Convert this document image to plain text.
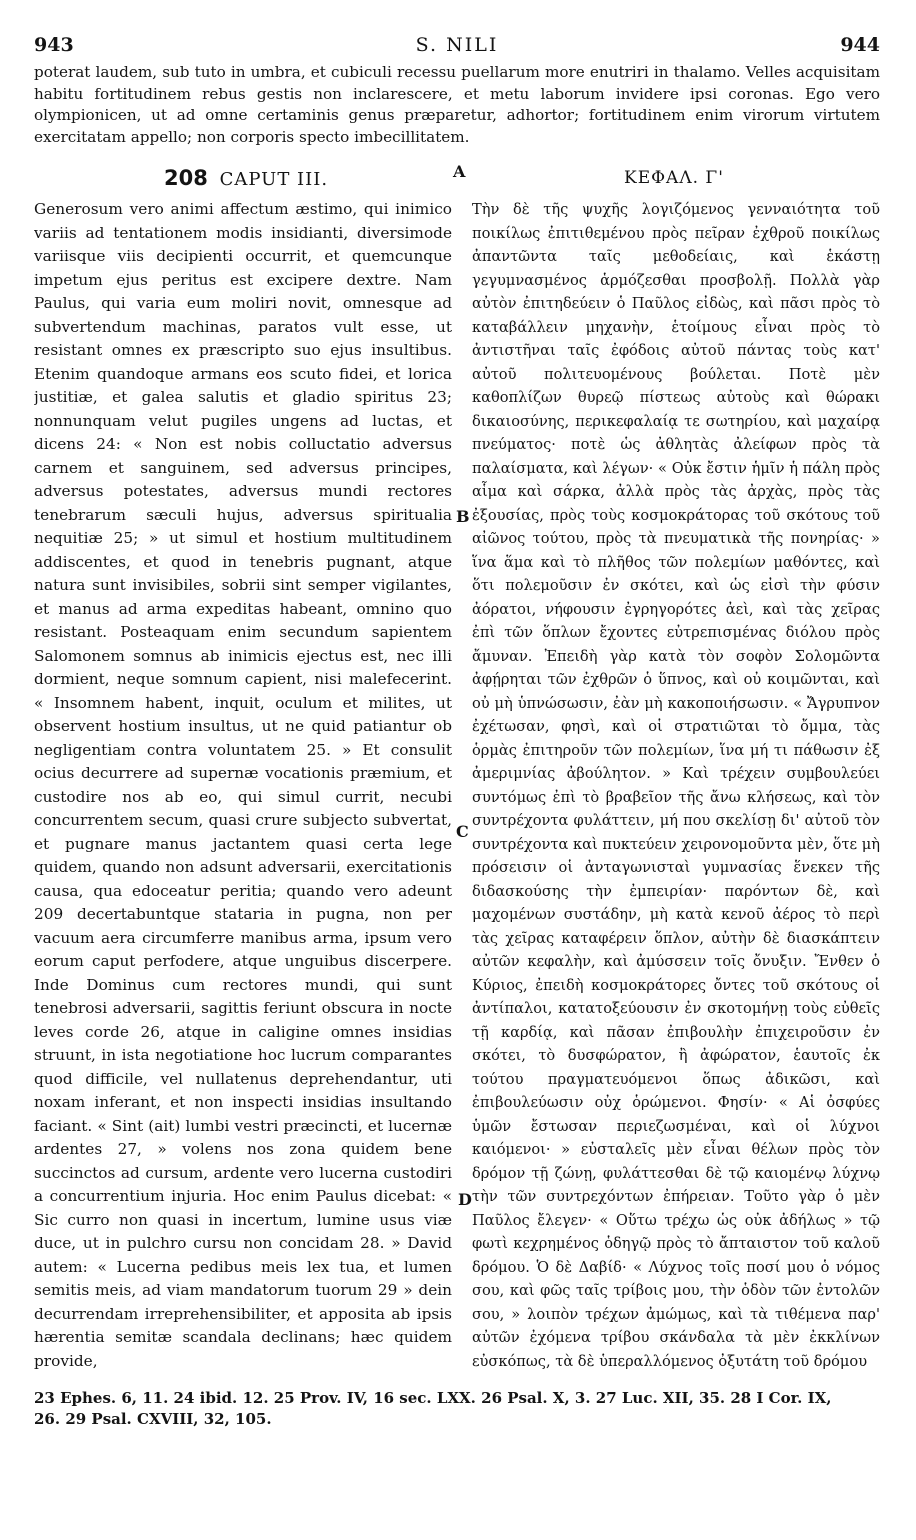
943	S. NILI	944

poterat laudem, sub tuto in umbra, et cubiculi recessu puellarum more enutriri in thalamo. Velles acquisitam habitu fortitudinem rebus gestis non inclarescere, et metu laborum invidere ipsi coronas. Ego vero olympionicen, ut ad omne certaminis genus præparetur, adhortor; fortitudinem enim virorum virtutem exercitatam appello; non corporis specto imbecillitatem.

208 CAPUT III.	A	ΚΕΦΑΛ. Γ'

Generosum vero animi affectum æstimo, qui inimico variis ad tentationem modis insidianti, diversimode variisque viis decipienti occurrit, et quemcunque impetum ejus peritus est excipere dextre. Nam Paulus, qui varia eum moliri novit, omnesque ad subvertendum machinas, paratos vult esse, ut resistant omnes ex præscripto suo ejus insultibus. Etenim quandoque armans eos scuto fidei, et lorica justitiæ, et galea salutis et gladio spiritus 23; nonnunquam velut pugiles ungens ad luctas, et dicens 24: « Non est nobis colluctatio adversus carnem et sanguinem, sed adversus principes, adversus potestates, adversus mundi rectores tenebrarum sæculi hujus, adversus spiritualia nequitiæ 25; » ut simul et hostium multitudinem addiscentes, et quod in tenebris pugnant, atque natura sunt invisibiles, sobrii sint semper vigilantes, et manus ad arma expeditas habeant, omnino quo resistant. Posteaquam enim secundum sapientem Salomonem somnus ab inimicis ejectus est, nec illi dormient, neque somnum capient, nisi malefecerint. « Insomnem habent, inquit, oculum et milites, ut observent hostium insultus, ut ne quid patiantur ob negligentiam contra voluntatem 25. » Et consulit ocius decurrere ad supernæ vocationis præmium, et custodire nos ab eo, qui simul currit, necubi concurrentem secum, quasi crure subjecto subvertat, et pugnare manus jactantem quasi certa lege quidem, quando non adsunt adversarii, exercitationis causa, qua edoceatur peritia; quando vero adeunt 209 decertabuntque stataria in pugna, non per vacuum aera circumferre manibus arma, ipsum vero eorum caput perfodere, atque unguibus discerpere. Inde Dominus cum rectores mundi, qui sunt tenebrosi adversarii, sagittis feriunt obscura in nocte leves corde 26, atque in caligine omnes insidias struunt, in ista negotiatione hoc lucrum comparantes quod difficile, vel nullatenus deprehendantur, uti noxam inferant, et non inspecti insidias insultando faciant. « Sint (ait) lumbi vestri præcincti, et lucernæ ardentes 27, » volens nos zona quidem bene succinctos ad cursum, ardente vero lucerna custodiri a concurrentium injuria. Hoc enim Paulus dicebat: « Sic curro non quasi in incertum, lumine usus viæ duce, ut in pulchro cursu non concidam 28. » David autem: « Lucerna pedibus meis lex tua, et lumen semitis meis, ad viam mandatorum tuorum 29 » dein decurrendam irreprehensibiliter, et apposita ab ipsis hærentia semitæ scandala declinans; hæc quidem provide,

B
C
D

Τὴν δὲ τῆς ψυχῆς λογιζόμενος γενναιότητα τοῦ ποικίλως ἐπιτιθεμένου πρὸς πεῖραν ἐχθροῦ ποικίλως ἀπαντῶντα ταῖς μεθοδείαις, καὶ ἑκάστῃ γεγυμνασμένος ἁρμόζεσθαι προσβολῇ. Πολλὰ γὰρ αὐτὸν ἐπιτηδεύειν ὁ Παῦλος εἰδὼς, καὶ πᾶσι πρὸς τὸ καταβάλλειν μηχανὴν, ἑτοίμους εἶναι πρὸς τὸ ἀντιστῆναι ταῖς ἐφόδοις αὐτοῦ πάντας τοὺς κατ' αὐτοῦ πολιτευομένους βούλεται. Ποτὲ μὲν καθοπλίζων θυρεῷ πίστεως αὐτοὺς καὶ θώρακι δικαιοσύνης, περικεφαλαίᾳ τε σωτηρίου, καὶ μαχαίρᾳ πνεύματος· ποτὲ ὡς ἀθλητὰς ἀλείφων πρὸς τὰ παλαίσματα, καὶ λέγων· « Οὐκ ἔστιν ἡμῖν ἡ πάλη πρὸς αἷμα καὶ σάρκα, ἀλλὰ πρὸς τὰς ἀρχὰς, πρὸς τὰς ἐξουσίας, πρὸς τοὺς κοσμοκράτορας τοῦ σκότους τοῦ αἰῶνος τούτου, πρὸς τὰ πνευματικὰ τῆς πονηρίας· » ἵνα ἅμα καὶ τὸ πλῆθος τῶν πολεμίων μαθόντες, καὶ ὅτι πολεμοῦσιν ἐν σκότει, καὶ ὡς εἰσὶ τὴν φύσιν ἀόρατοι, νήφουσιν ἐγρηγορότες ἀεὶ, καὶ τὰς χεῖρας ἐπὶ τῶν ὅπλων ἔχοντες εὐτρεπισμένας διόλου πρὸς ἄμυναν. Ἐπειδὴ γὰρ κατὰ τὸν σοφὸν Σολομῶντα ἀφῄρηται τῶν ἐχθρῶν ὁ ὕπνος, καὶ οὐ κοιμῶνται, καὶ οὐ μὴ ὑπνώσωσιν, ἐὰν μὴ κακοποιήσωσιν. « Ἄγρυπνον ἐχέτωσαν, φησὶ, καὶ οἱ στρατιῶται τὸ ὄμμα, τὰς ὁρμὰς ἐπιτηροῦν τῶν πολεμίων, ἵνα μή τι πάθωσιν ἐξ ἀμεριμνίας ἀβούλητον. » Καὶ τρέχειν συμβουλεύει συντόμως ἐπὶ τὸ βραβεῖον τῆς ἄνω κλήσεως, καὶ τὸν συντρέχοντα φυλάττειν, μή που σκελίσῃ δι' αὐτοῦ τὸν συντρέχοντα καὶ πυκτεύειν χειρονομοῦντα μὲν, ὅτε μὴ πρόσεισιν οἱ ἀνταγωνισταὶ γυμνασίας ἕνεκεν τῆς διδασκούσης τὴν ἐμπειρίαν· παρόντων δὲ, καὶ μαχομένων συστάδην, μὴ κατὰ κενοῦ ἀέρος τὸ περὶ τὰς χεῖρας καταφέρειν ὅπλον, αὐτὴν δὲ διασκάπτειν αὐτῶν κεφαλὴν, καὶ ἀμύσσειν τοῖς ὄνυξιν. Ἔνθεν ὁ Κύριος, ἐπειδὴ κοσμοκράτορες ὄντες τοῦ σκότους οἱ ἀντίπαλοι, κατατοξεύουσιν ἐν σκοτομήνῃ τοὺς εὐθεῖς τῇ καρδίᾳ, καὶ πᾶσαν ἐπιβουλὴν ἐπιχειροῦσιν ἐν σκότει, τὸ δυσφώρατον, ἢ ἀφώρατον, ἑαυτοῖς ἐκ τούτου πραγματευόμενοι ὅπως ἀδικῶσι, καὶ ἐπιβουλεύωσιν οὐχ ὁρώμενοι. Φησίν· « Αἱ ὀσφύες ὑμῶν ἔστωσαν περιεζωσμέναι, καὶ οἱ λύχνοι καιόμενοι· » εὐσταλεῖς μὲν εἶναι θέλων πρὸς τὸν δρόμον τῇ ζώνῃ, φυλάττεσθαι δὲ τῷ καιομένῳ λύχνῳ τὴν τῶν συντρεχόντων ἐπήρειαν. Τοῦτο γὰρ ὁ μὲν Παῦλος ἔλεγεν· « Οὕτω τρέχω ὡς οὐκ ἀδήλως » τῷ φωτὶ κεχρημένος ὁδηγῷ πρὸς τὸ ἄπταιστον τοῦ καλοῦ δρόμου. Ὁ δὲ Δαβίδ· « Λύχνος τοῖς ποσί μου ὁ νόμος σου, καὶ φῶς ταῖς τρίβοις μου, τὴν ὁδὸν τῶν ἐντολῶν σου, » λοιπὸν τρέχων ἀμώμως, καὶ τὰ τιθέμενα παρ' αὐτῶν ἐχόμενα τρίβου σκάνδαλα τὰ μὲν ἐκκλίνων εὐσκόπως, τὰ δὲ ὑπεραλλόμενος ὀξυτάτη τοῦ δρόμου

23 Ephes. 6, 11. 24 ibid. 12. 25 Prov. IV, 16 sec. LXX. 26 Psal. X, 3. 27 Luc. XII, 35. 28 I Cor. IX,

26. 29 Psal. CXVIII, 32, 105.
